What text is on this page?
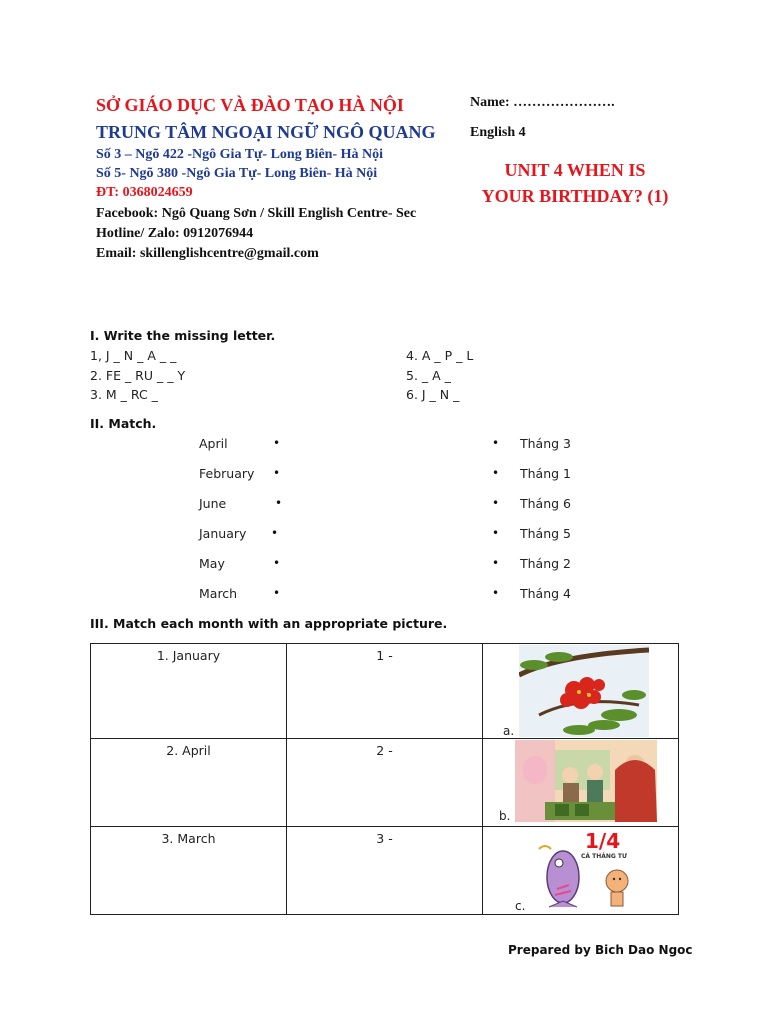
SỞ GIÁO DỤC VÀ ĐÀO TẠO HÀ NỘI
TRUNG TÂM NGOẠI NGỮ NGÔ QUANG
Số 3 – Ngõ 422 -Ngô Gia Tự- Long Biên- Hà Nội
Số 5- Ngõ 380 -Ngô Gia Tự- Long Biên- Hà Nội
ĐT: 0368024659
Facebook: Ngô Quang Sơn / Skill English Centre- Sec
Hotline/ Zalo: 0912076944
Email: skillenglishcentre@gmail.com
Name: ………………….
English 4
UNIT 4 WHEN IS
YOUR BIRTHDAY? (1)
I. Write the missing letter.
1, J _ N _ A _ _
2. FE _ RU _ _ Y
3. M _ RC _
4. A _ P _ L
5. _ A _
6. J _ N _
II. Match.
April
February
June
January
May
March
•
•
•
•
•
•
•
•
•
•
•
•
Tháng 3
Tháng 1
Tháng 6
Tháng 5
Tháng 2
Tháng 4
III. Match each month with an appropriate picture.
1. January	1 -	a.

2. April	2 -	b.

3. March	3 -	c.
1/4
CÁ THÁNG TƯ
Prepared by Bich Dao Ngoc
